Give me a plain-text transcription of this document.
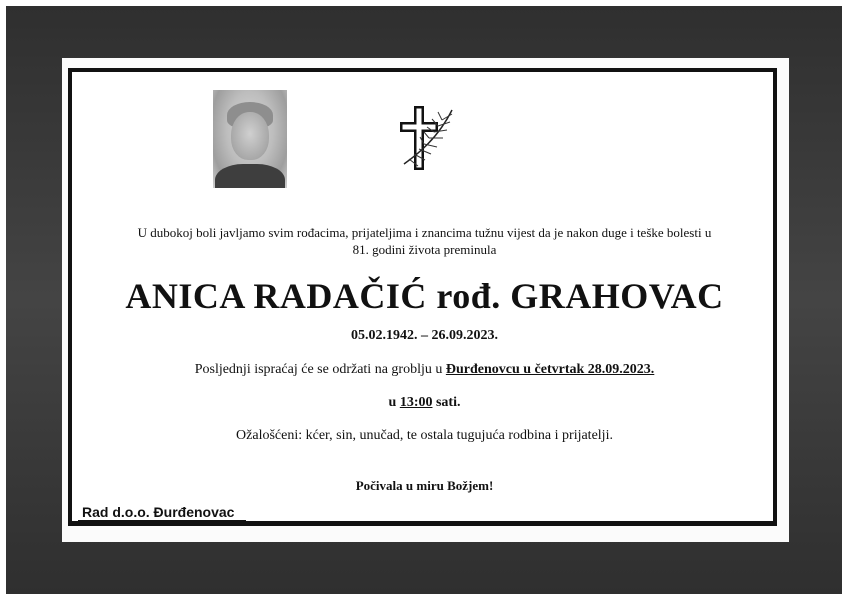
U dubokoj boli javljamo svim rođacima, prijateljima i znancima tužnu vijest da je nakon duge i teške bolesti u
81. godini života preminula
ANICA RADAČIĆ rođ. GRAHOVAC
05.02.1942. – 26.09.2023.
Posljednji ispraćaj će se održati na groblju u Đurđenovcu u četvrtak 28.09.2023.
u 13:00 sati.
Ožalošćeni: kćer, sin, unučad, te ostala tugujuća rodbina i prijatelji.
Počivala u miru Božjem!
Rad d.o.o. Đurđenovac
